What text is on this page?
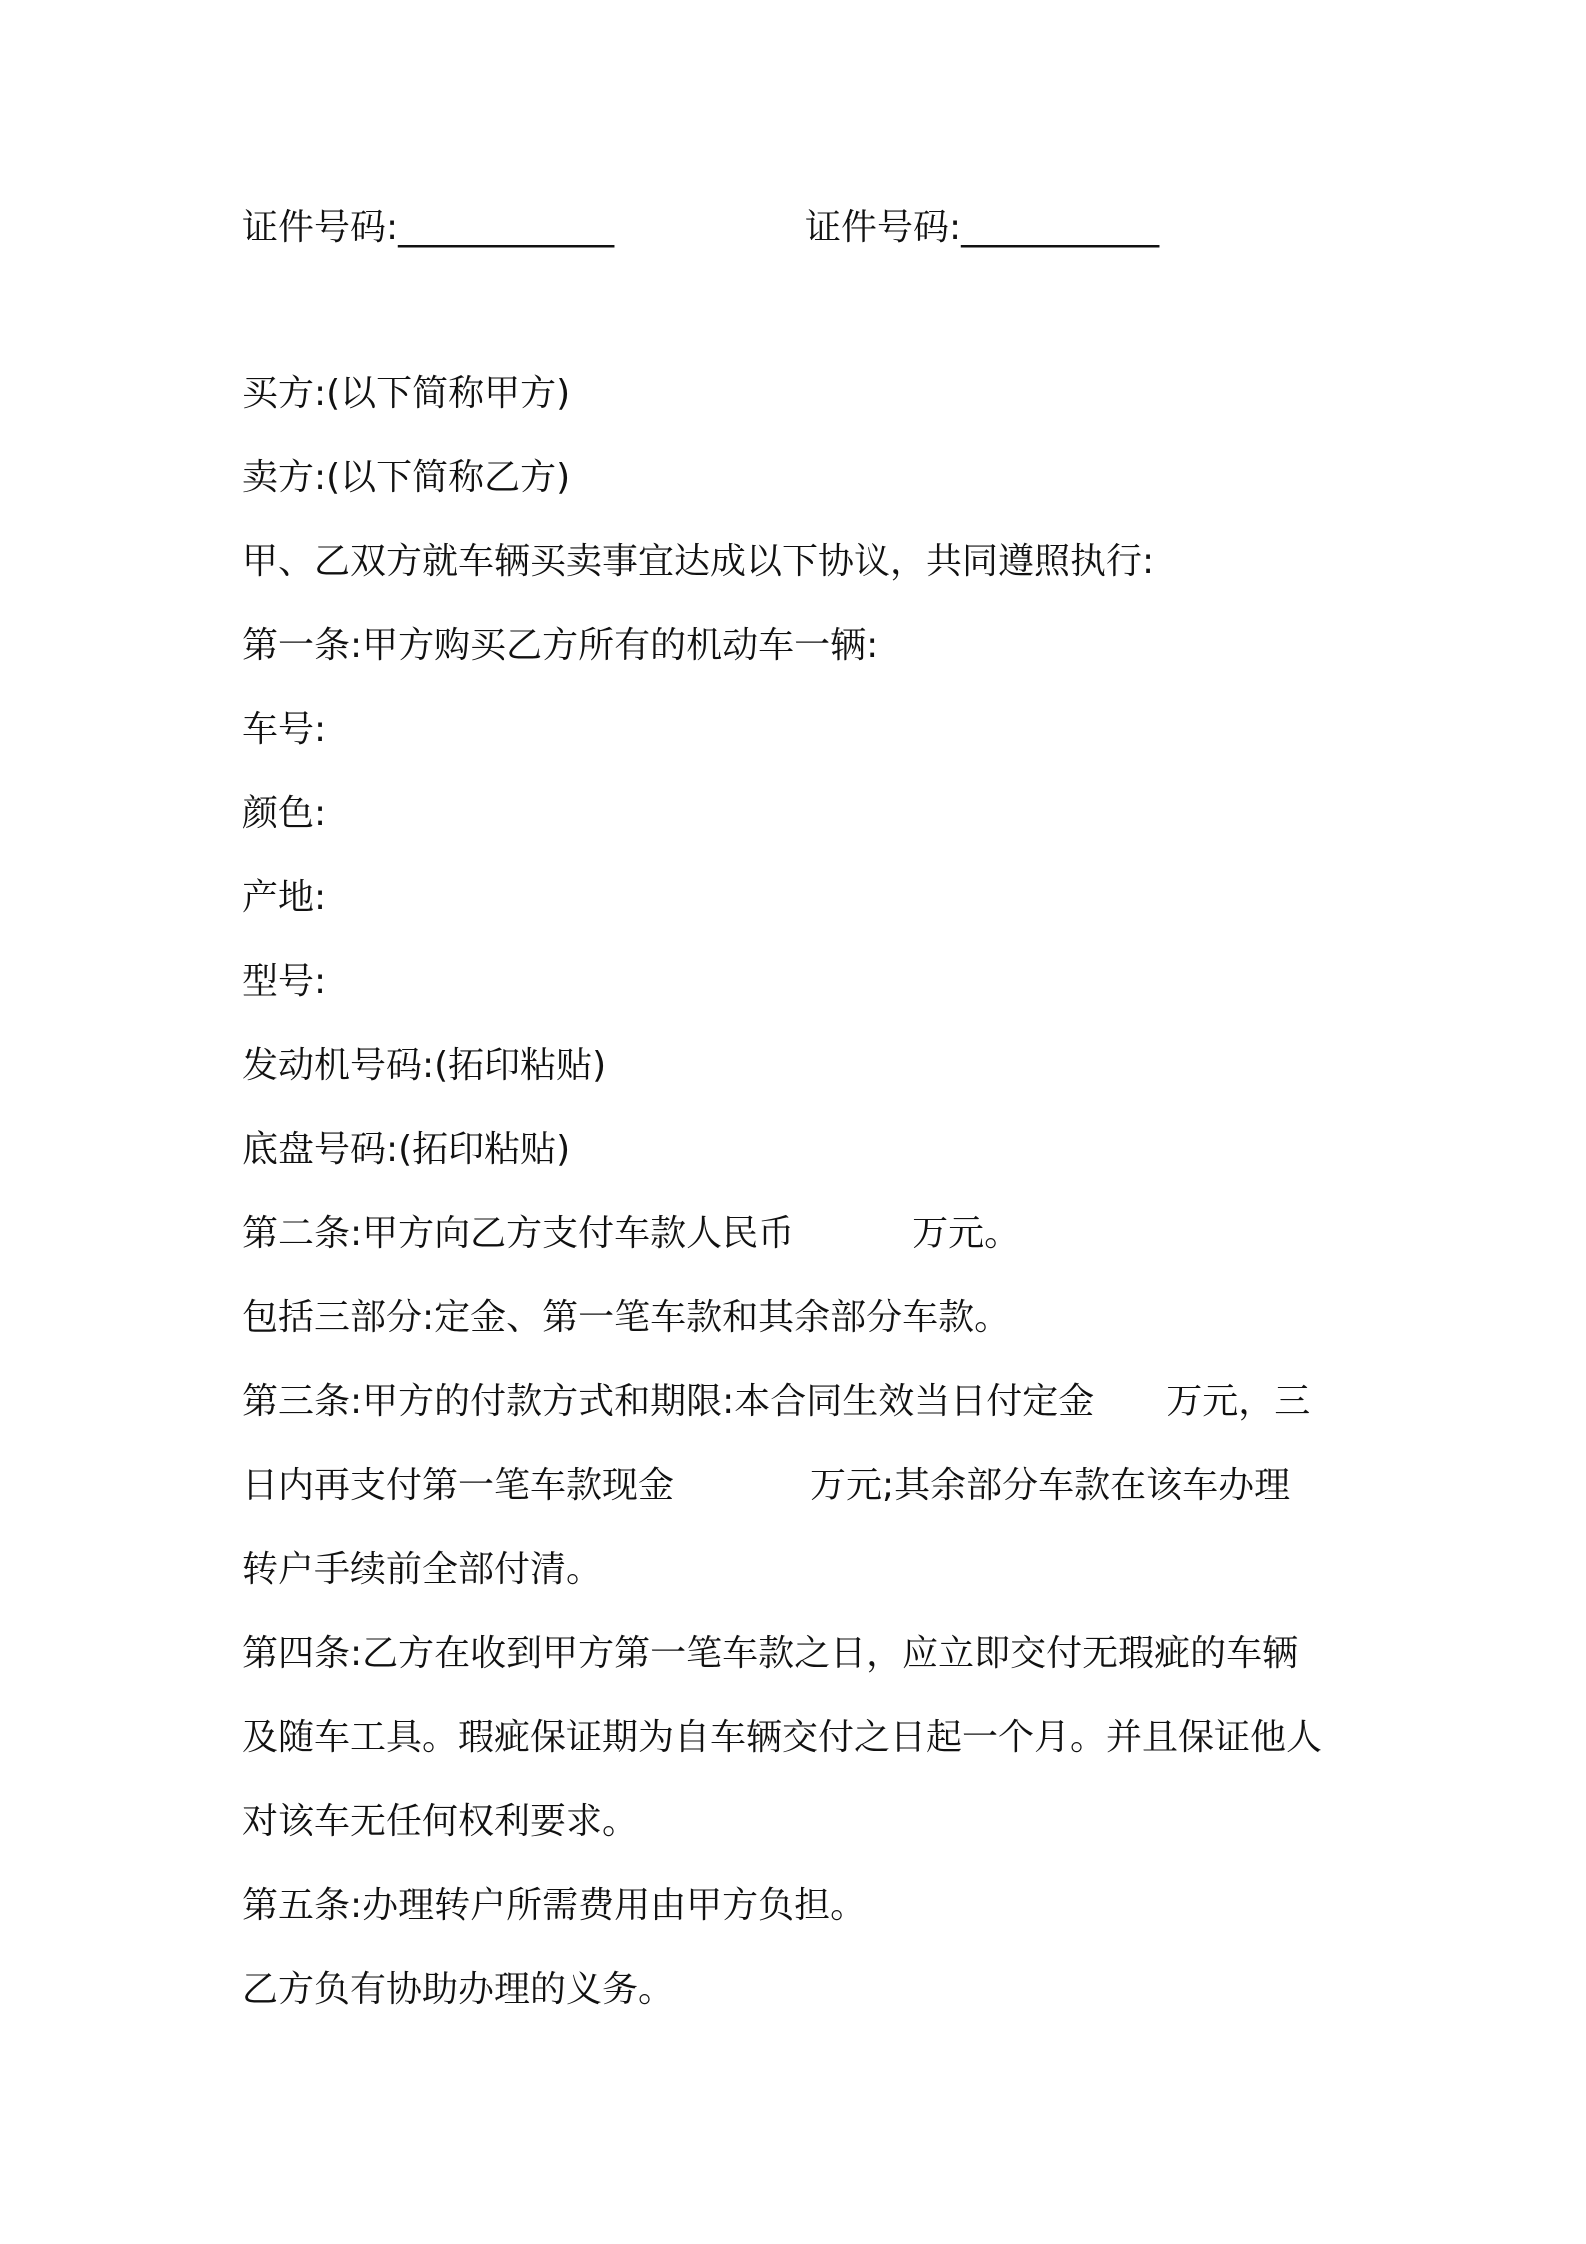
证件号码:____________	证件号码:___________

买方:(以下简称甲方)

卖方:(以下简称乙方)

甲、乙双方就车辆买卖事宜达成以下协议，共同遵照执行:

第一条:甲方购买乙方所有的机动车一辆:

车号:

颜色:

产地:

型号:

发动机号码:(拓印粘贴)

底盘号码:(拓印粘贴)

第二条:甲方向乙方支付车款人民币	万元。

包括三部分:定金、第一笔车款和其余部分车款。

第三条:甲方的付款方式和期限:本合同生效当日付定金 万元，三

日内再支付第一笔车款现金	万元;其余部分车款在该车办理

转户手续前全部付清。

第四条:乙方在收到甲方第一笔车款之日，应立即交付无瑕疵的车辆

及随车工具。瑕疵保证期为自车辆交付之日起一个月。并且保证他人

对该车无任何权利要求。

第五条:办理转户所需费用由甲方负担。

乙方负有协助办理的义务。
